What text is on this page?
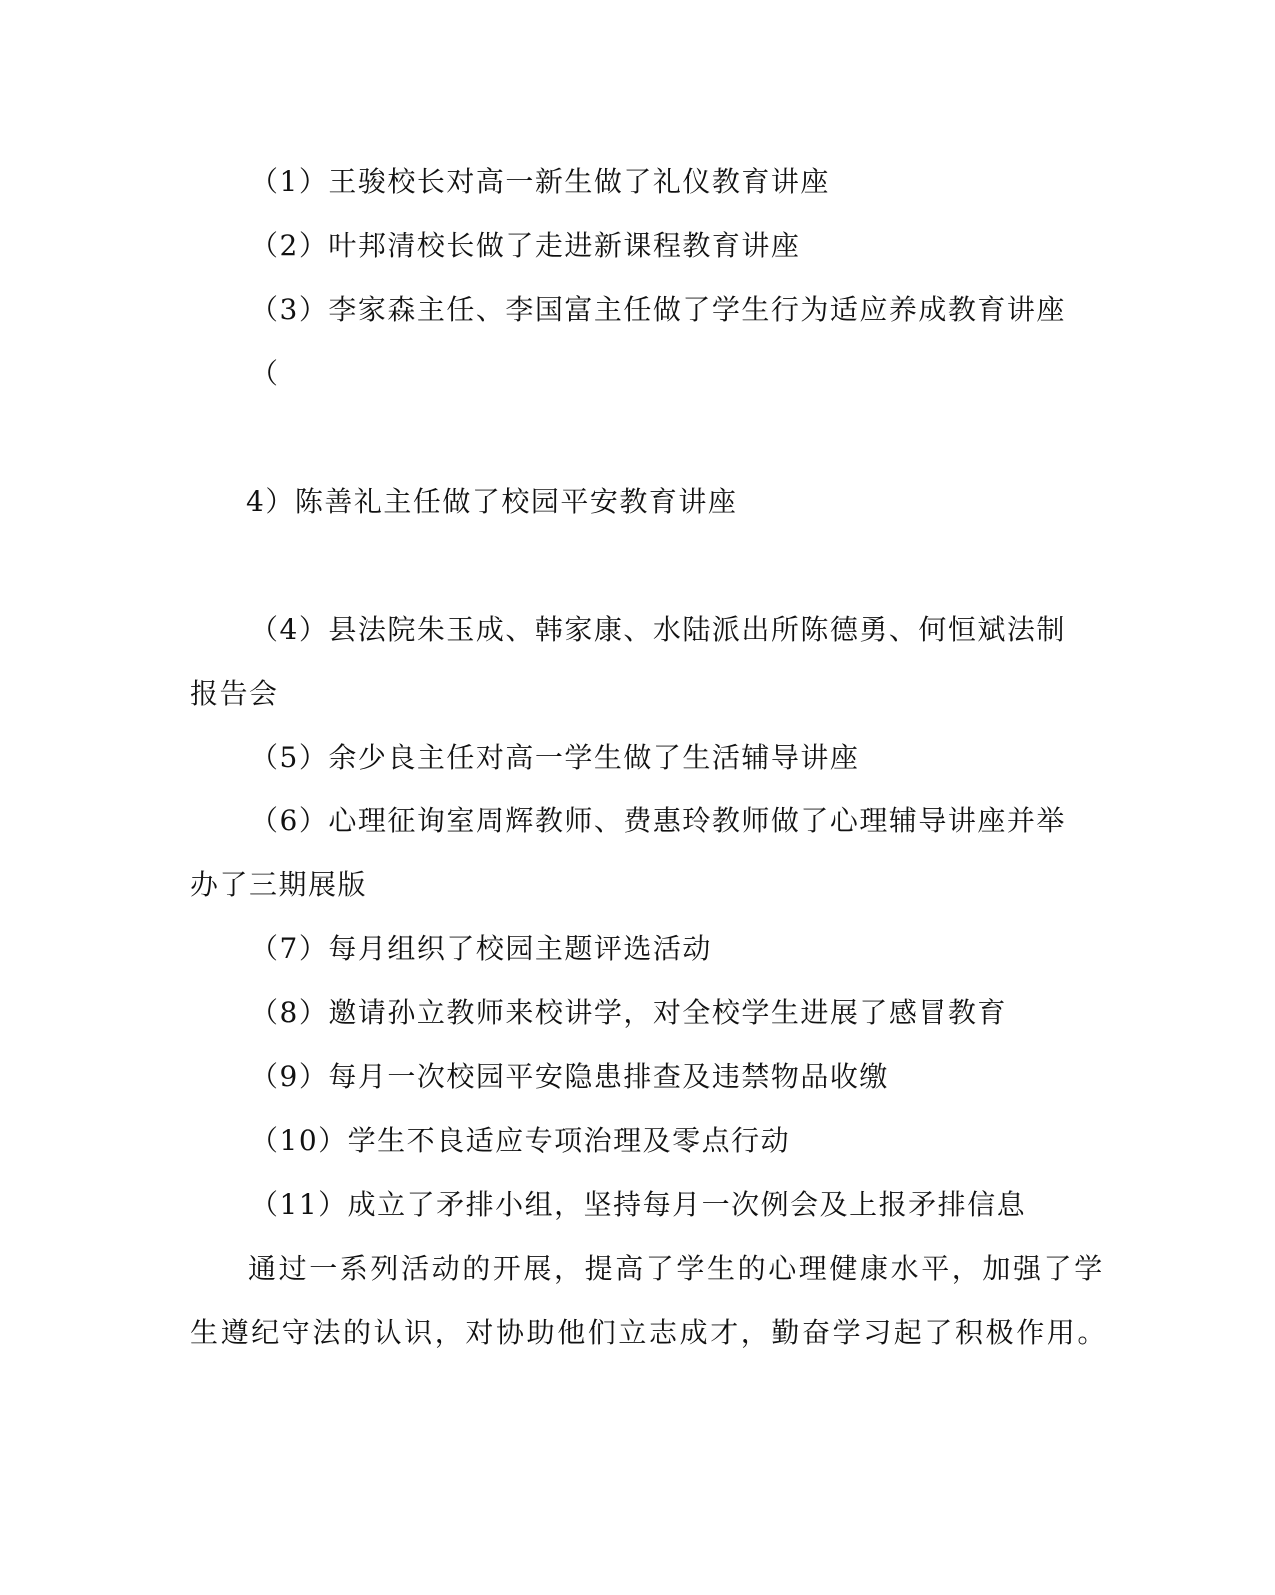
（1）王骏校长对高一新生做了礼仪教育讲座
（2）叶邦清校长做了走进新课程教育讲座
（3）李家森主任、李国富主任做了学生行为适应养成教育讲座
（
4）陈善礼主任做了校园平安教育讲座
（4）县法院朱玉成、韩家康、水陆派出所陈德勇、何恒斌法制
报告会
（5）余少良主任对高一学生做了生活辅导讲座
（6）心理征询室周辉教师、费惠玲教师做了心理辅导讲座并举
办了三期展版
（7）每月组织了校园主题评选活动
（8）邀请孙立教师来校讲学，对全校学生进展了感冒教育
（9）每月一次校园平安隐患排查及违禁物品收缴
（10）学生不良适应专项治理及零点行动
（11）成立了矛排小组，坚持每月一次例会及上报矛排信息
通过一系列活动的开展，提高了学生的心理健康水平，加强了学
生遵纪守法的认识，对协助他们立志成才，勤奋学习起了积极作用。
